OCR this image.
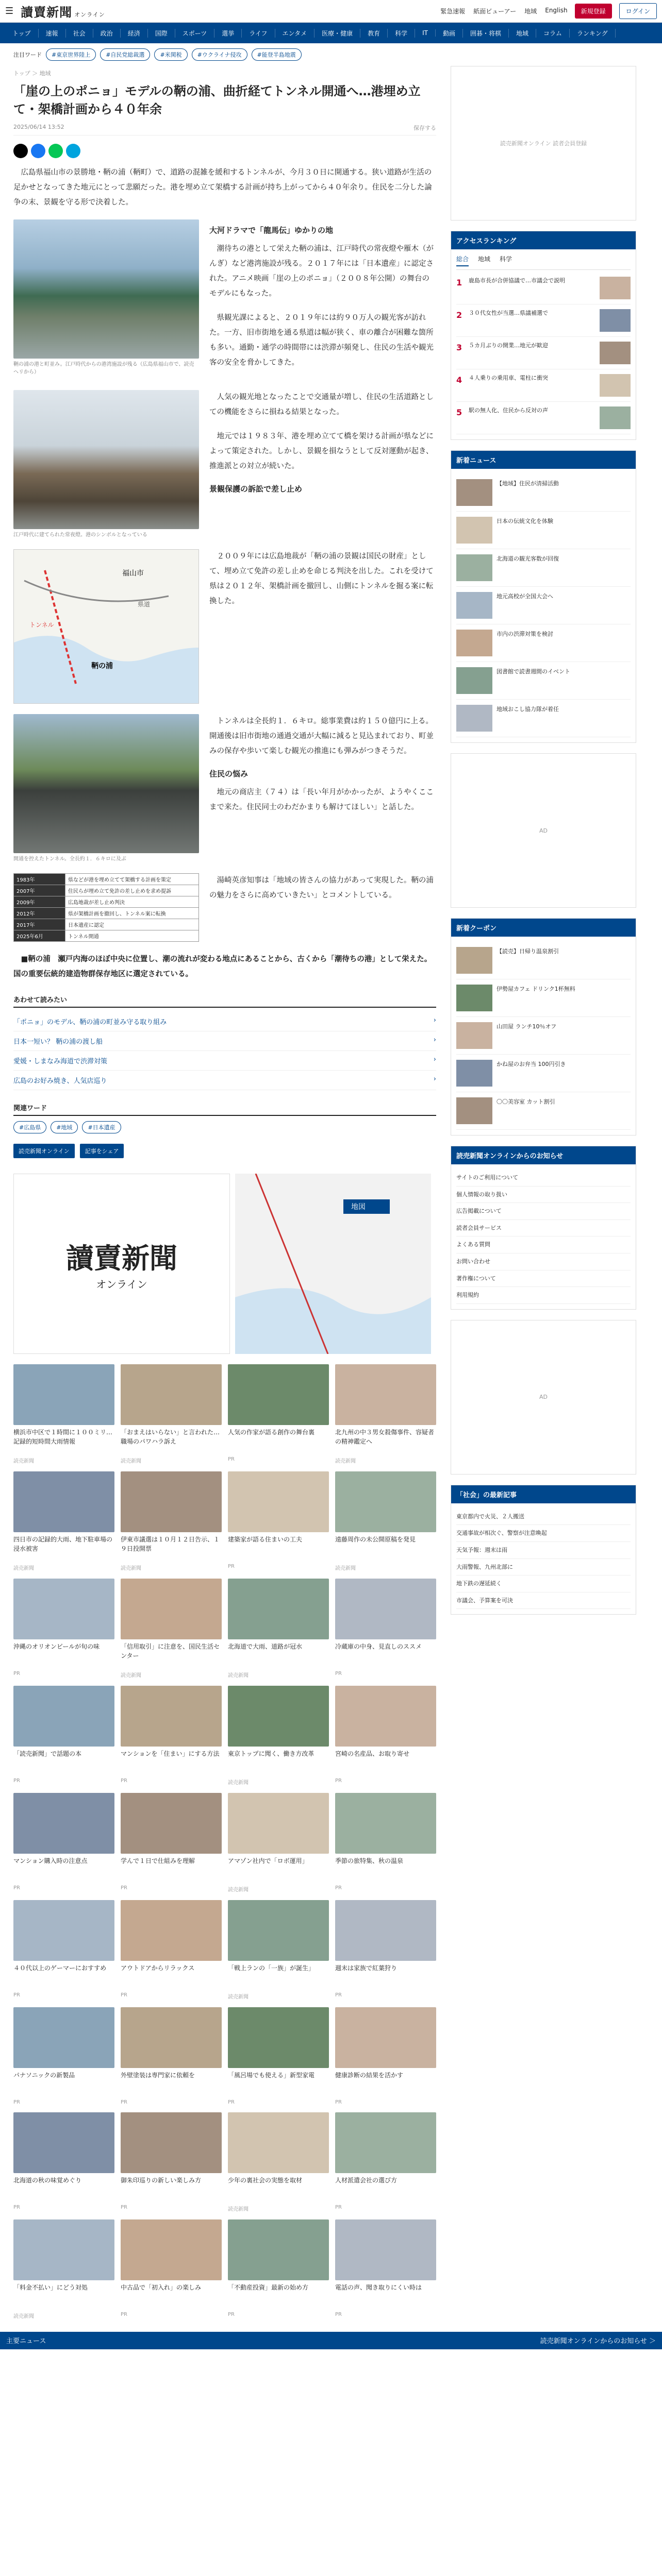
☰ 讀賣新聞 オンライン	緊急速報 紙面ビューアー 地域 English	新規登録	ログイン
トップ	速報	社会	政治	経済	国際	スポーツ	選挙	ライフ	エンタメ	医療・健康	教育	科学	IT	動画	囲碁・将棋	地域	コラム	ランキング
注目ワード	#東京世界陸上	#自民党総裁選	#米関税	#ウクライナ侵攻	#能登半島地震
トップ ＞ 地域
「崖の上のポニョ」モデルの鞆の浦、曲折経てトンネル開通へ…港埋め立て・架橋計画から４０年余
2025/06/14 13:52	保存する

広島県福山市の景勝地・鞆の浦（鞆町）で、道路の混雑を緩和するトンネルが、今月３０日に開通する。狭い道路が生活の足かせとなってきた地元にとって悲願だった。港を埋め立て架橋する計画が持ち上がってから４０年余り。住民を二分した論争の末、景観を守る形で決着した。

鞆の浦の港と町並み。江戸時代からの港湾施設が残る（広島県福山市で、読売ヘリから）
大河ドラマで「龍馬伝」ゆかりの地

潮待ちの港として栄えた鞆の浦は、江戸時代の常夜燈や雁木（がんぎ）など港湾施設が残る。２０１７年には「日本遺産」に認定された。アニメ映画「崖の上のポニョ」（２００８年公開）の舞台のモデルにもなった。

県観光課によると、２０１９年には約９０万人の観光客が訪れた。一方、旧市街地を通る県道は幅が狭く、車の離合が困難な箇所も多い。通勤・通学の時間帯には渋滞が頻発し、住民の生活や観光客の安全を脅かしてきた。

江戸時代に建てられた常夜燈。港のシンボルとなっている

人気の観光地となったことで交通量が増し、住民の生活道路としての機能をさらに損ねる結果となった。

地元では１９８３年、港を埋め立てて橋を架ける計画が県などによって策定された。しかし、景観を損なうとして反対運動が起き、推進派との対立が続いた。

景観保護の訴訟で差し止め
福山市
鞆の浦
トンネル
県道

２００９年には広島地裁が「鞆の浦の景観は国民の財産」として、埋め立て免許の差し止めを命じる判決を出した。これを受けて県は２０１２年、架橋計画を撤回し、山側にトンネルを掘る案に転換した。

開通を控えたトンネル。全長約１．６キロに及ぶ

トンネルは全長約１．６キロ。総事業費は約１５０億円に上る。開通後は旧市街地の通過交通が大幅に減ると見込まれており、町並みの保存や歩いて楽しむ観光の推進にも弾みがつきそうだ。

住民の悩み

地元の商店主（７４）は「長い年月がかかったが、ようやくここまで来た。住民同士のわだかまりも解けてほしい」と話した。

1983年	県などが港を埋め立てて架橋する計画を策定
2007年	住民らが埋め立て免許の差し止めを求め提訴
2009年	広島地裁が差し止め判決
2012年	県が架橋計画を撤回し、トンネル案に転換
2017年	日本遺産に認定
2025年6月	トンネル開通

湯崎英彦知事は「地域の皆さんの協力があって実現した。鞆の浦の魅力をさらに高めていきたい」とコメントしている。

■鞆の浦　瀬戸内海のほぼ中央に位置し、潮の流れが変わる地点にあることから、古くから「潮待ちの港」として栄えた。国の重要伝統的建造物群保存地区に選定されている。

あわせて読みたい
「ポニョ」のモデル、鞆の浦の町並み守る取り組み	›
日本一短い？ 鞆の浦の渡し船	›
愛媛・しまなみ海道で渋滞対策	›
広島のお好み焼き、人気店巡り	›
関連ワード
#広島県	#地域	#日本遺産
読売新聞オンライン	記事をシェア
讀賣新聞
オンライン
地図
横浜市中区で１時間に１００ミリ…記録的短時間大雨情報
読売新聞
「おまえはいらない」と言われた…職場のパワハラ訴え
読売新聞
人気の作家が語る創作の舞台裏
PR
北九州の中３男女殺傷事件、容疑者の精神鑑定へ
読売新聞
四日市の記録的大雨、地下駐車場の浸水被害
読売新聞
伊東市議選は１０月１２日告示、１９日投開票
読売新聞
建築家が語る住まいの工夫
PR
遠藤周作の未公開原稿を発見
読売新聞
沖縄のオリオンビールが旬の味
PR
「信用取引」に注意を、国民生活センター
読売新聞
北海道で大雨、道路が冠水
読売新聞
冷蔵庫の中身、見直しのススメ
PR
「読売新聞」で話題の本
PR
マンションを「住まい」にする方法
PR
東京トップに聞く、働き方改革
読売新聞
宮崎の名産品、お取り寄せ
PR
マンション購入時の注意点
PR
学んで１日で仕組みを理解
PR
アマゾン社内で「ロボ運用」
読売新聞
季節の旅特集、秋の温泉
PR
４０代以上のゲーマーにおすすめ
PR
アウトドアからリラックス
PR
「戦上ランの「一族」が誕生」
読売新聞
週末は家族で紅葉狩り
PR
パナソニックの新製品
PR
外壁塗装は専門家に依頼を
PR
「風呂場でも使える」新型家電
PR
健康診断の結果を活かす
PR
北海道の秋の味覚めぐり
PR
御朱印巡りの新しい楽しみ方
PR
少年の裏社会の実態を取材
読売新聞
人材派遣会社の選び方
PR
「料金不払い」にどう対処
読売新聞
中古品で「初入れ」の楽しみ
PR
「不動産投資」最新の始め方
PR
電話の声、聞き取りにくい時は
PR
読売新聞オンライン 読者会員登録
アクセスランキング
総合 地域 科学
1	鹿島市長が合併協議で…市議会で説明
2	３０代女性が当選…県議補選で
3	５カ月ぶりの開業…地元が歓迎
4	４人乗りの乗用車、電柱に衝突
5	駅の無人化、住民から反対の声
新着ニュース
【地域】住民が清掃活動
日本の伝統文化を体験
北海道の観光客数が回復
地元高校が全国大会へ
市内の渋滞対策を検討
図書館で読書週間のイベント
地域おこし協力隊が着任
AD
新着クーポン
【読売】日帰り温泉割引
伊勢屋カフェ ドリンク1杯無料
山田屋 ランチ10％オフ
かね屋のお弁当 100円引き
〇〇美容室 カット割引
読売新聞オンラインからのお知らせ
サイトのご利用について
個人情報の取り扱い
広告掲載について
読者会員サービス
よくある質問
お問い合わせ
著作権について
利用規約
AD
「社会」の最新記事
東京都内で火災、２人搬送
交通事故が相次ぐ、警察が注意喚起
天気予報：週末は雨
大雨警報、九州北部に
地下鉄の遅延続く
市議会、予算案を可決
主要ニュース	読売新聞オンラインからのお知らせ ＞
